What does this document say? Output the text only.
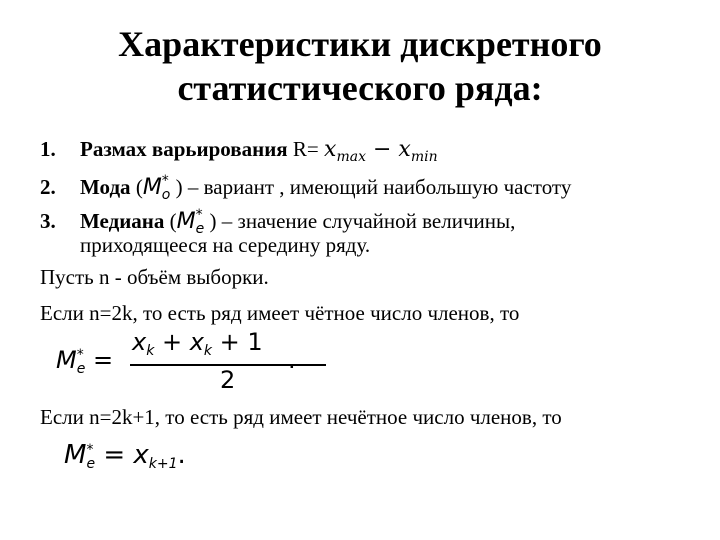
Характеристики дискретного статистического ряда:
1. Размах варьирования $R= x_{max} - x_{min}$
2. Мода ($M^*_o$ ) – вариант , имеющий наибольшую частоту
3. Медиана ($M^*_e$ ) – значение случайной величины,
приходящееся на середину ряду.
Пусть n - объём выборки.
Если n=2k, то есть ряд имеет чётное число членов, то
$M^*_e$ =
$x_k + x_k + 1$
2
.
Если n=2k+1, то есть ряд имеет нечётное число членов, то
$M^*_e = x_{k+1}$.
